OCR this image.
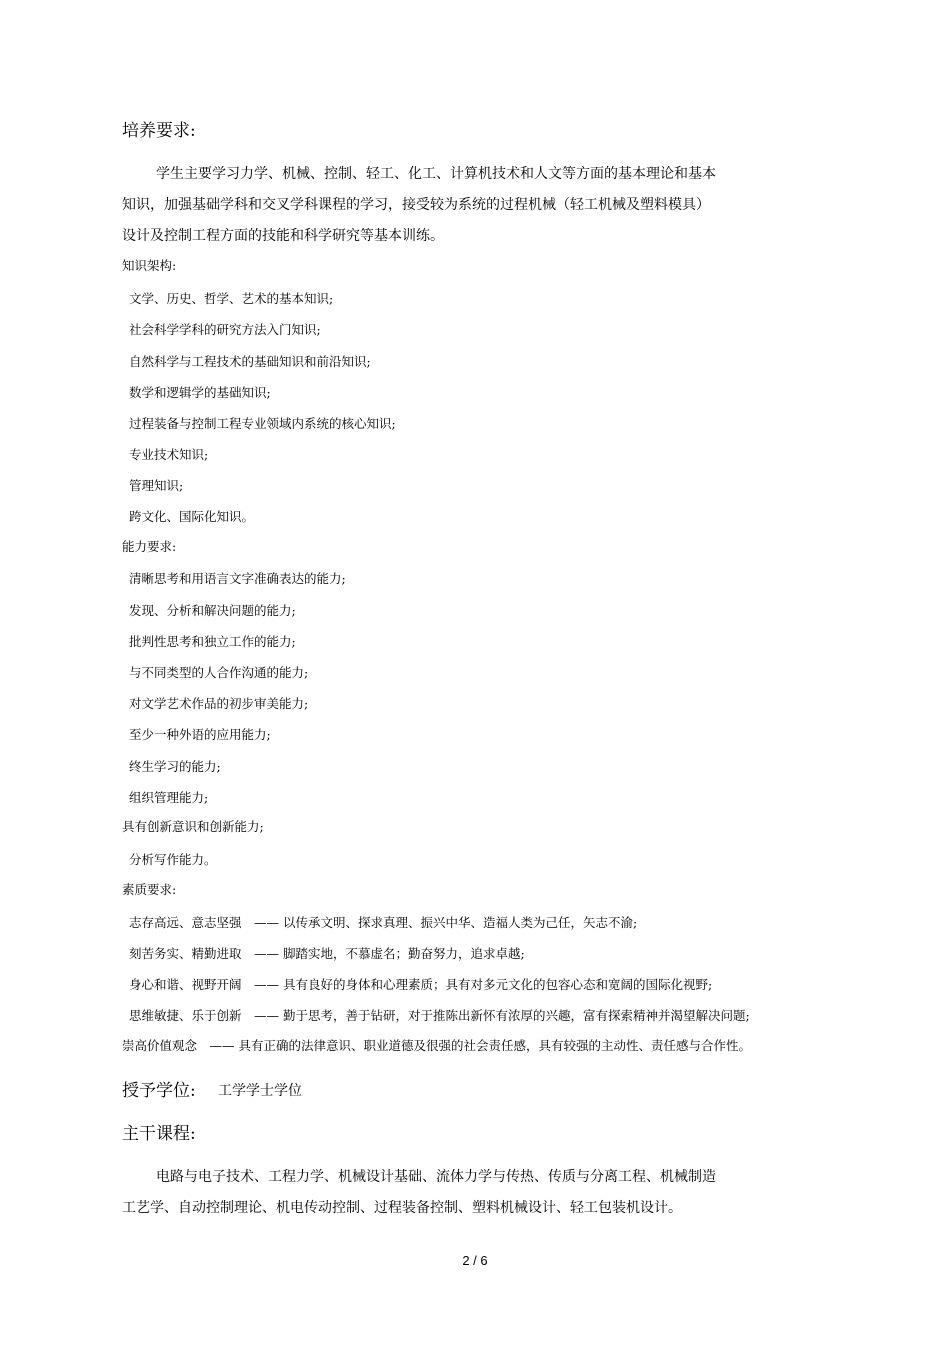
培养要求:
学生主要学习力学、机械、控制、轻工、化工、计算机技术和人文等方面的基本理论和基本
知识，加强基础学科和交叉学科课程的学习，接受较为系统的过程机械（轻工机械及塑料模具）
设计及控制工程方面的技能和科学研究等基本训练。
知识架构:
文学、历史、哲学、艺术的基本知识;
社会科学学科的研究方法入门知识;
自然科学与工程技术的基础知识和前沿知识;
数学和逻辑学的基础知识;
过程装备与控制工程专业领域内系统的核心知识;
专业技术知识;
管理知识;
跨文化、国际化知识。
能力要求:
清晰思考和用语言文字准确表达的能力;
发现、分析和解决问题的能力;
批判性思考和独立工作的能力;
与不同类型的人合作沟通的能力;
对文学艺术作品的初步审美能力;
至少一种外语的应用能力;
终生学习的能力;
组织管理能力;
具有创新意识和创新能力;
分析写作能力。
素质要求:
志存高远、意志坚强　—— 以传承文明、探求真理、振兴中华、造福人类为己任，矢志不渝;
刻苦务实、精勤进取　—— 脚踏实地，不慕虚名；勤奋努力，追求卓越;
身心和谐、视野开阔　—— 具有良好的身体和心理素质；具有对多元文化的包容心态和宽阔的国际化视野;
思维敏捷、乐于创新　—— 勤于思考，善于钻研，对于推陈出新怀有浓厚的兴趣，富有探索精神并渴望解决问题;
崇高价值观念　—— 具有正确的法律意识、职业道德及很强的社会责任感，具有较强的主动性、责任感与合作性。
授予学位: 工学学士学位
主干课程:
电路与电子技术、工程力学、机械设计基础、流体力学与传热、传质与分离工程、机械制造
工艺学、自动控制理论、机电传动控制、过程装备控制、塑料机械设计、轻工包装机设计。
2 / 6
